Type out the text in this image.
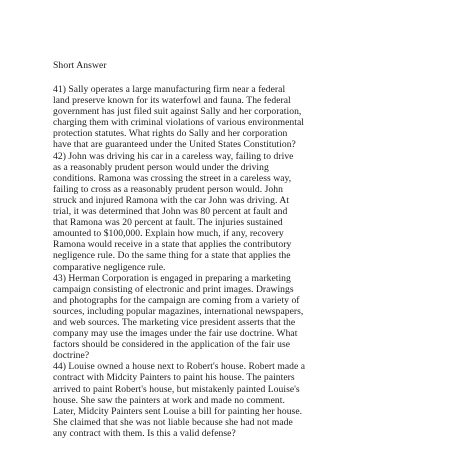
Short Answer
41) Sally operates a large manufacturing firm near a federal
land preserve known for its waterfowl and fauna. The federal
government has just filed suit against Sally and her corporation,
charging them with criminal violations of various environmental
protection statutes. What rights do Sally and her corporation
have that are guaranteed under the United States Constitution?
42) John was driving his car in a careless way, failing to drive
as a reasonably prudent person would under the driving
conditions. Ramona was crossing the street in a careless way,
failing to cross as a reasonably prudent person would. John
struck and injured Ramona with the car John was driving. At
trial, it was determined that John was 80 percent at fault and
that Ramona was 20 percent at fault. The injuries sustained
amounted to $100,000. Explain how much, if any, recovery
Ramona would receive in a state that applies the contributory
negligence rule. Do the same thing for a state that applies the
comparative negligence rule.
43) Herman Corporation is engaged in preparing a marketing
campaign consisting of electronic and print images. Drawings
and photographs for the campaign are coming from a variety of
sources, including popular magazines, international newspapers,
and web sources. The marketing vice president asserts that the
company may use the images under the fair use doctrine. What
factors should be considered in the application of the fair use
doctrine?
44) Louise owned a house next to Robert's house. Robert made a
contract with Midcity Painters to paint his house. The painters
arrived to paint Robert's house, but mistakenly painted Louise's
house. She saw the painters at work and made no comment.
Later, Midcity Painters sent Louise a bill for painting her house.
She claimed that she was not liable because she had not made
any contract with them. Is this a valid defense?
